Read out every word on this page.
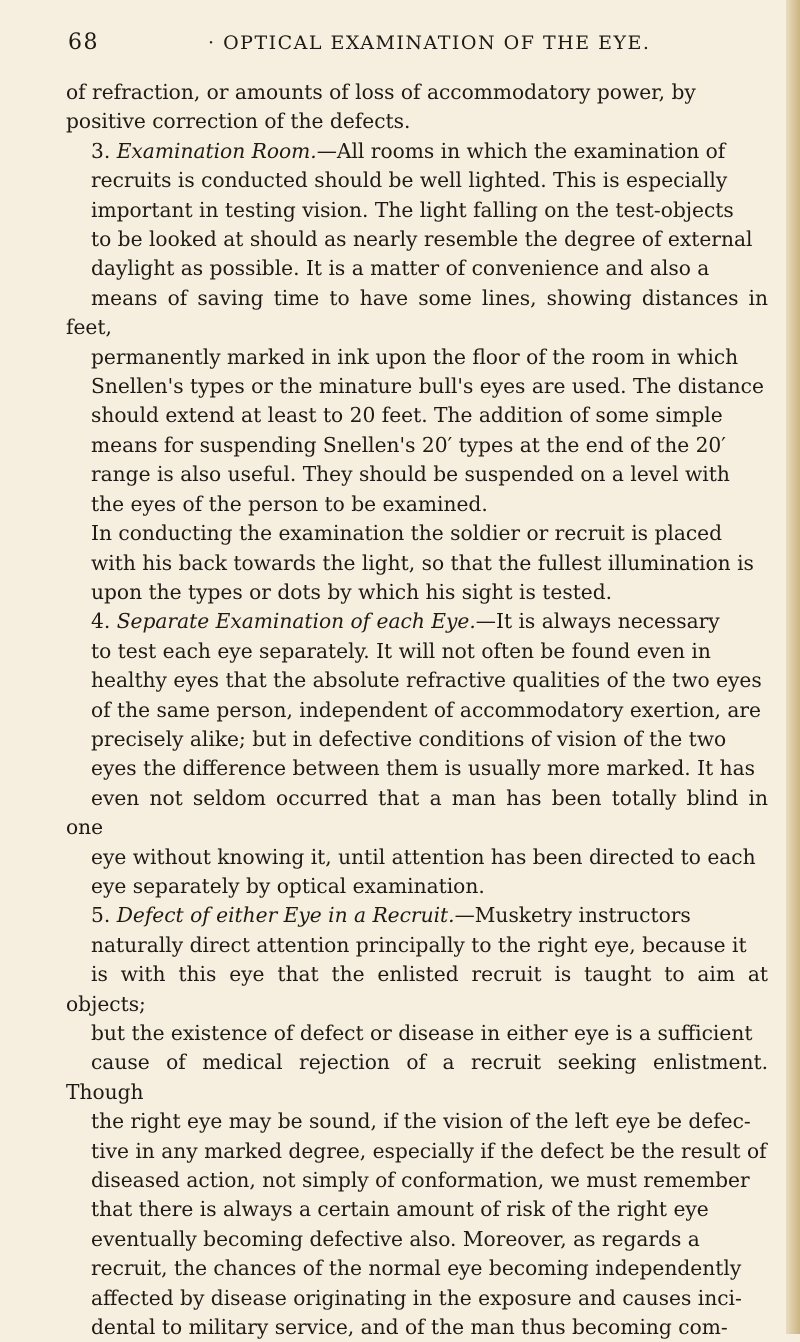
68	· OPTICAL EXAMINATION OF THE EYE.

of refraction, or amounts of loss of accommodatory power, by
positive correction of the defects.

3. Examination Room.—All rooms in which the examination of
recruits is conducted should be well lighted. This is especially
important in testing vision. The light falling on the test-objects
to be looked at should as nearly resemble the degree of external
daylight as possible. It is a matter of convenience and also a
means of saving time to have some lines, showing distances in feet,
permanently marked in ink upon the floor of the room in which
Snellen's types or the minature bull's eyes are used. The distance
should extend at least to 20 feet. The addition of some simple
means for suspending Snellen's 20′ types at the end of the 20′
range is also useful. They should be suspended on a level with
the eyes of the person to be examined.

In conducting the examination the soldier or recruit is placed
with his back towards the light, so that the fullest illumination is
upon the types or dots by which his sight is tested.

4. Separate Examination of each Eye.—It is always necessary
to test each eye separately. It will not often be found even in
healthy eyes that the absolute refractive qualities of the two eyes
of the same person, independent of accommodatory exertion, are
precisely alike; but in defective conditions of vision of the two
eyes the difference between them is usually more marked. It has
even not seldom occurred that a man has been totally blind in one
eye without knowing it, until attention has been directed to each
eye separately by optical examination.

5. Defect of either Eye in a Recruit.—Musketry instructors
naturally direct attention principally to the right eye, because it
is with this eye that the enlisted recruit is taught to aim at objects;
but the existence of defect or disease in either eye is a sufficient
cause of medical rejection of a recruit seeking enlistment. Though
the right eye may be sound, if the vision of the left eye be defec-
tive in any marked degree, especially if the defect be the result of
diseased action, not simply of conformation, we must remember
that there is always a certain amount of risk of the right eye
eventually becoming defective also. Moreover, as regards a
recruit, the chances of the normal eye becoming independently
affected by disease originating in the exposure and causes inci-
dental to military service, and of the man thus becoming com-
